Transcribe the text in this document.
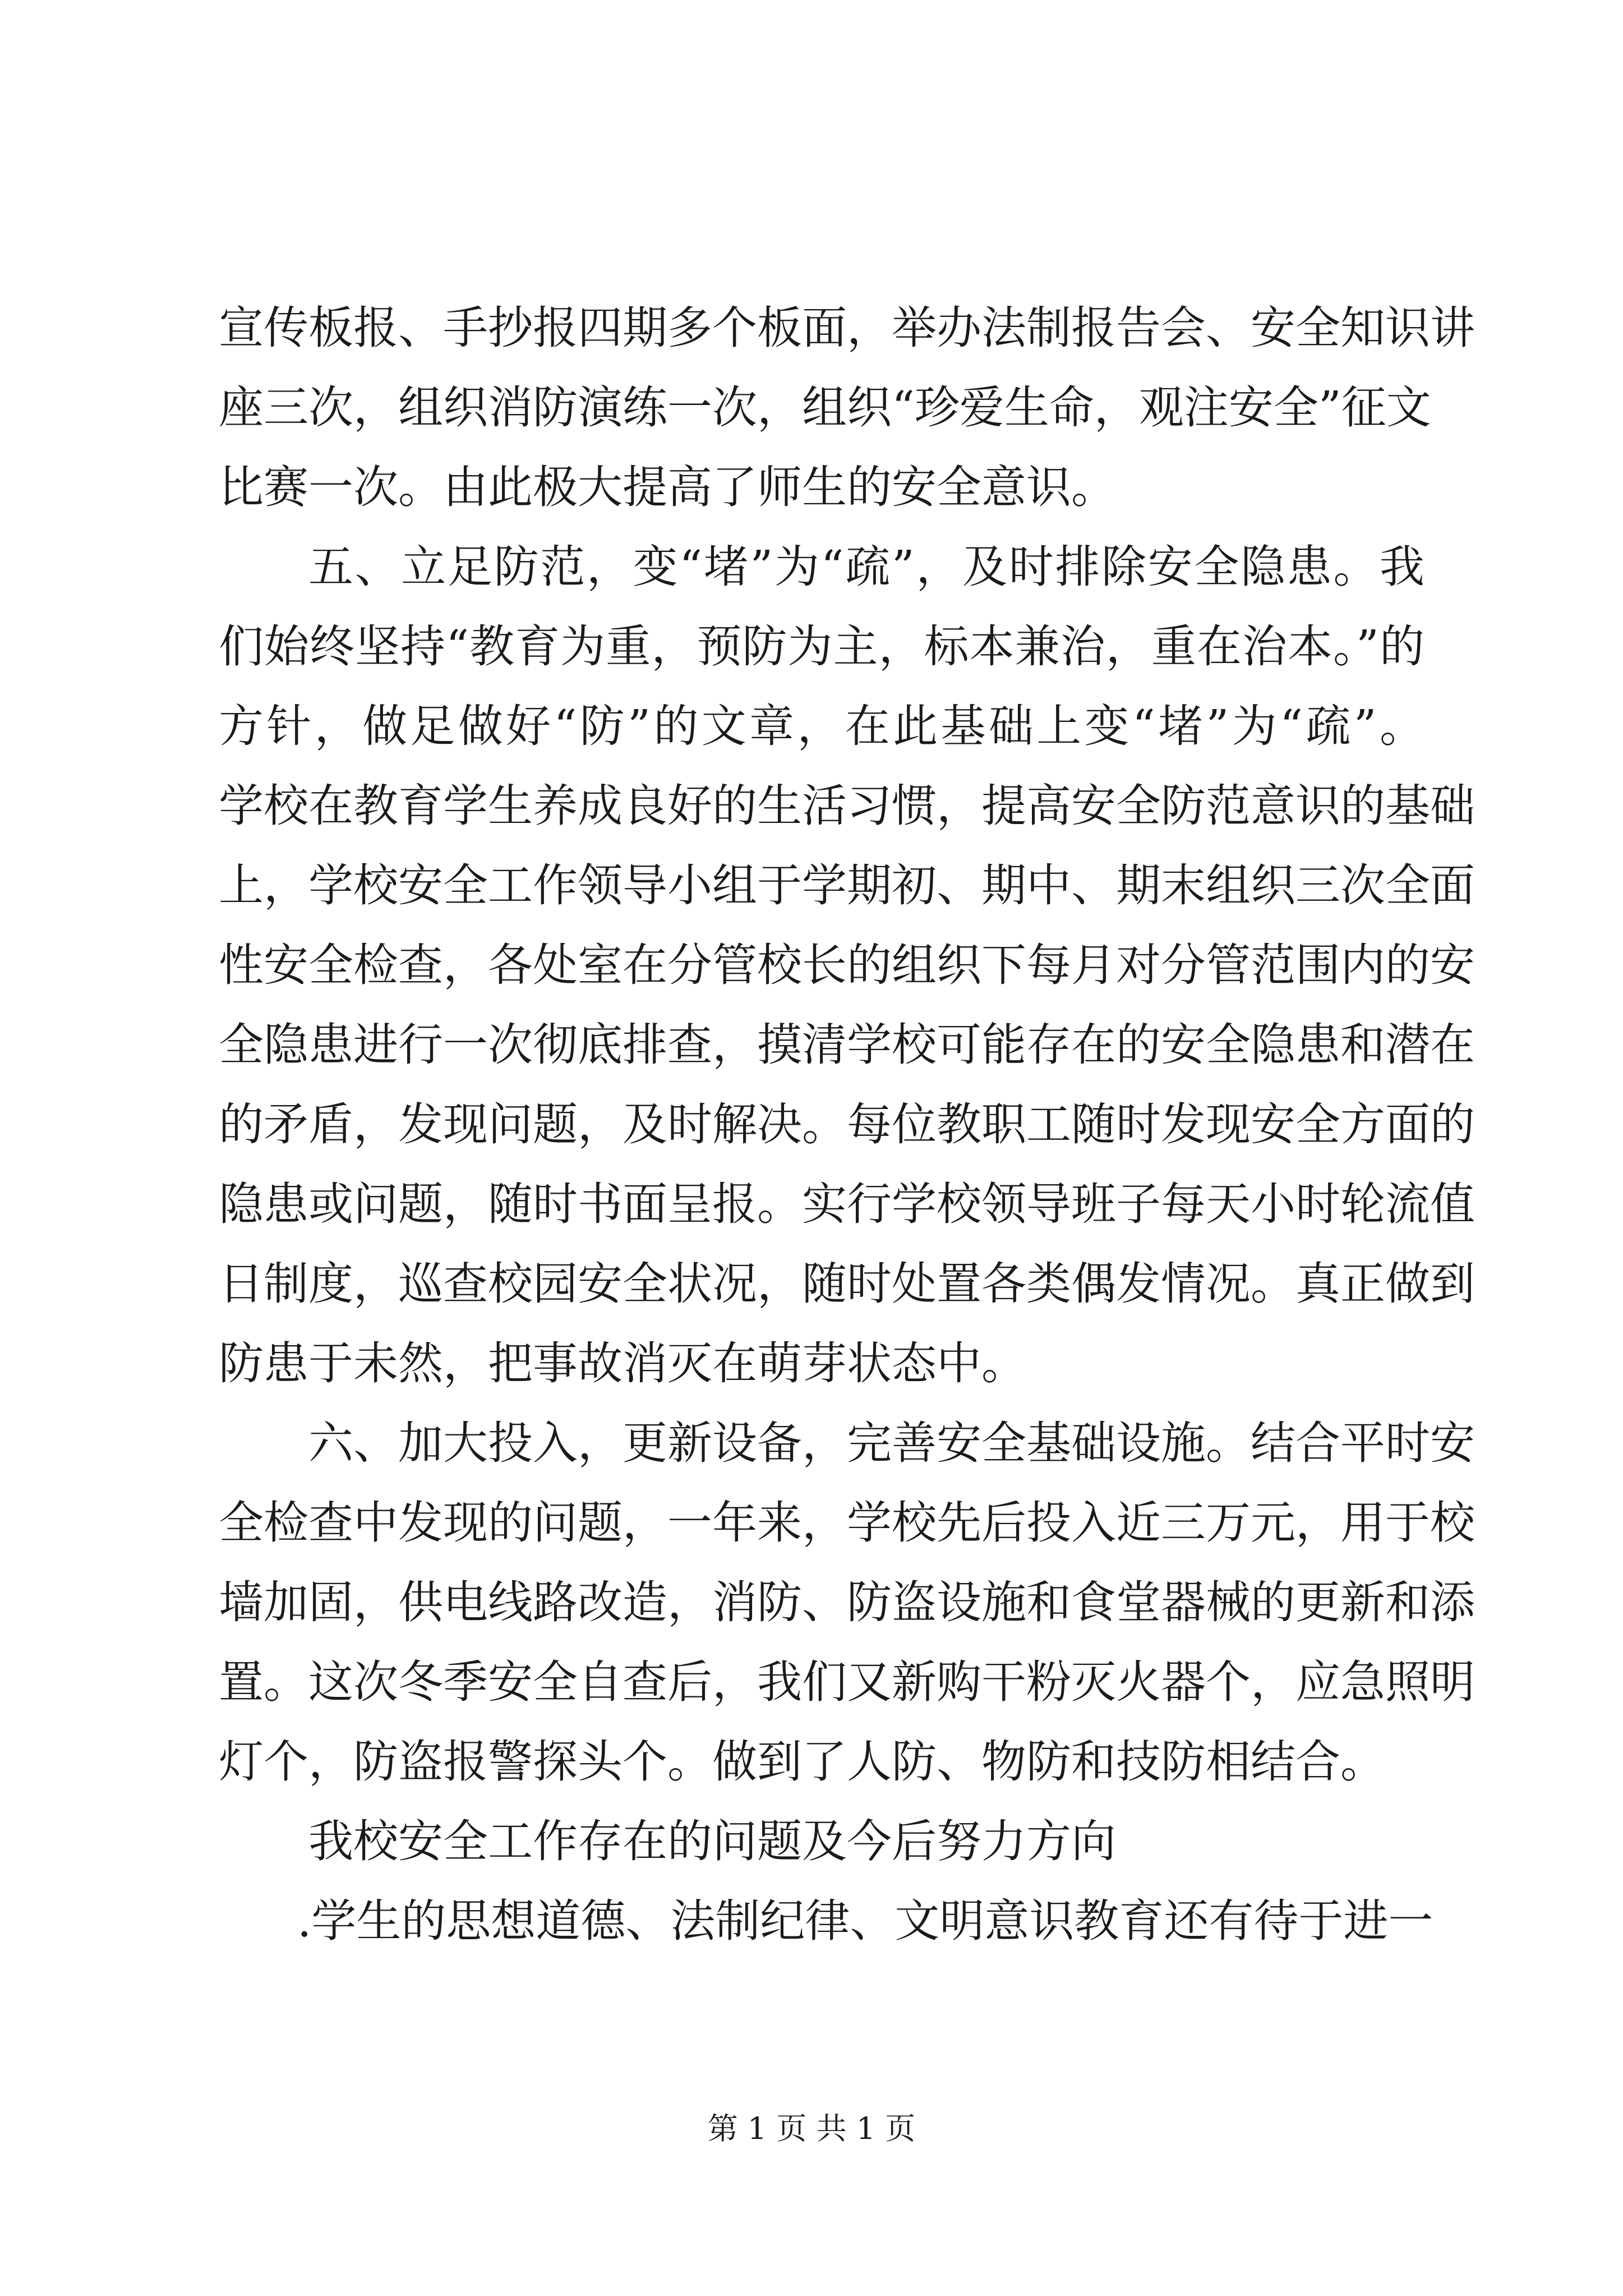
宣传板报、手抄报四期多个板面，举办法制报告会、安全知识讲
座三次，组织消防演练一次，组织“珍爱生命，观注安全”征文
比赛一次。由此极大提高了师生的安全意识。
五、立足防范，变“堵”为“疏”，及时排除安全隐患。我
们始终坚持“教育为重，预防为主，标本兼治，重在治本。”的
方针，做足做好“防”的文章，在此基础上变“堵”为“疏”。
学校在教育学生养成良好的生活习惯，提高安全防范意识的基础
上，学校安全工作领导小组于学期初、期中、期末组织三次全面
性安全检查，各处室在分管校长的组织下每月对分管范围内的安
全隐患进行一次彻底排查，摸清学校可能存在的安全隐患和潜在
的矛盾，发现问题，及时解决。每位教职工随时发现安全方面的
隐患或问题，随时书面呈报。实行学校领导班子每天小时轮流值
日制度，巡查校园安全状况，随时处置各类偶发情况。真正做到
防患于未然，把事故消灭在萌芽状态中。
六、加大投入，更新设备，完善安全基础设施。结合平时安
全检查中发现的问题，一年来，学校先后投入近三万元，用于校
墙加固，供电线路改造，消防、防盗设施和食堂器械的更新和添
置。这次冬季安全自查后，我们又新购干粉灭火器个，应急照明
灯个，防盗报警探头个。做到了人防、物防和技防相结合。
我校安全工作存在的问题及今后努力方向
.学生的思想道德、法制纪律、文明意识教育还有待于进一
第 1 页 共 1 页
